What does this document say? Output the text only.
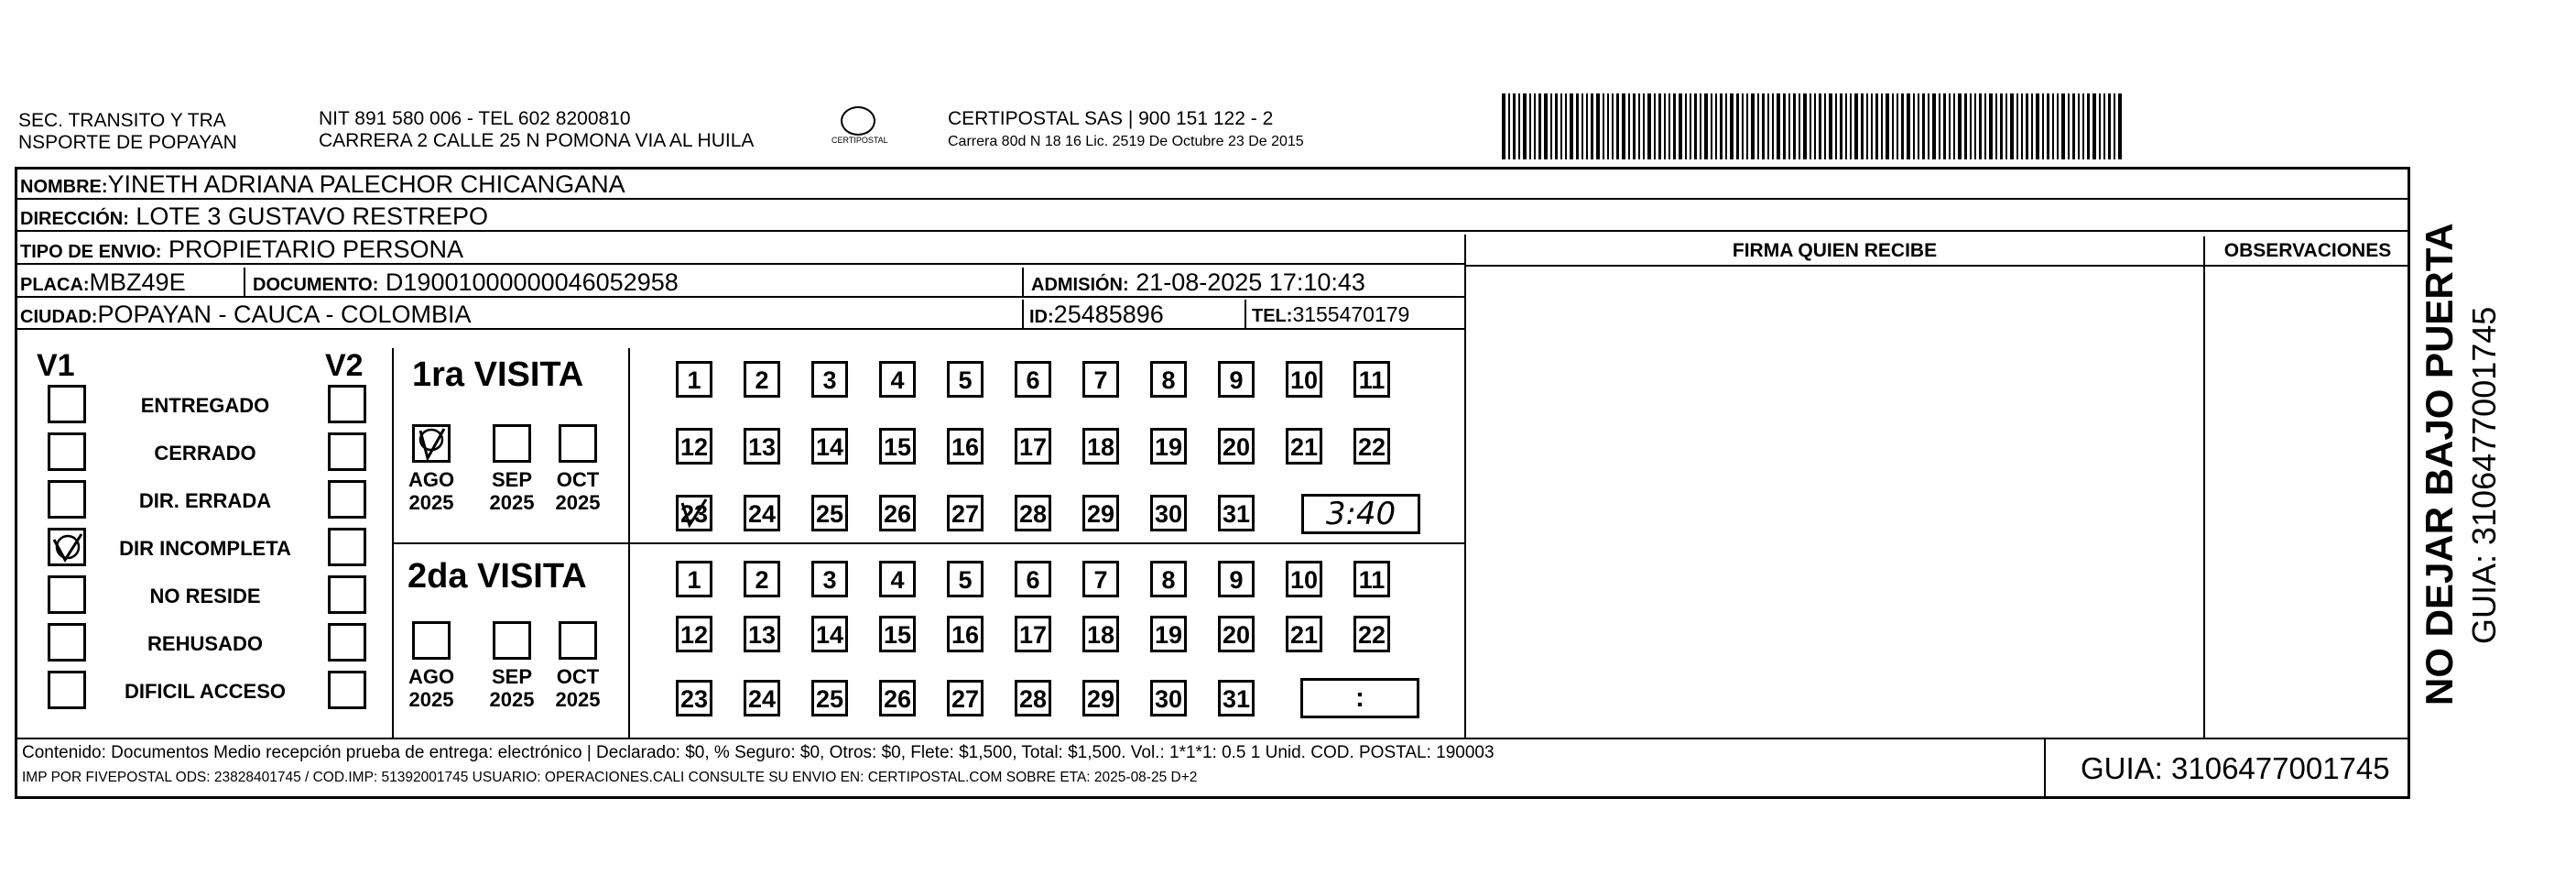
SEC. TRANSITO Y TRA
NSPORTE DE POPAYAN
NIT 891 580 006 - TEL 602 8200810
CARRERA 2 CALLE 25 N POMONA VIA AL HUILA	CERTIPOSTAL
CERTIPOSTAL SAS | 900 151 122 - 2
Carrera 80d N 18 16 Lic. 2519 De Octubre 23 De 2015
NOMBRE:YINETH ADRIANA PALECHOR CHICANGANA
DIRECCIÓN: LOTE 3 GUSTAVO RESTREPO
TIPO DE ENVIO: PROPIETARIO PERSONA	FIRMA QUIEN RECIBE	OBSERVACIONES
PLACA:MBZ49E	DOCUMENTO: D19001000000046052958	ADMISIÓN: 21-08-2025 17:10:43
CIUDAD:POPAYAN - CAUCA - COLOMBIA	ID:25485896	TEL:3155470179
V1	V2
ENTREGADO
CERRADO
DIR. ERRADA
DIR INCOMPLETA
NO RESIDE
REHUSADO
DIFICIL ACCESO
1ra VISITA
2da VISITA
AGO
2025
SEP
2025
OCT
2025
AGO
2025
SEP
2025
OCT
2025
1	2	3	4	5	6	7	8	9	10 11
12 13 14 15 16 17 18 19 20 21 22
23 24 25 26 27 28 29 30 31
1	2	3	4	5	6	7	8	9	10 11
12 13 14 15 16 17 18 19 20 21 22
23 24 25 26 27 28 29 30 31
3:40
:
Contenido: Documentos Medio recepción prueba de entrega: electrónico | Declarado: $0, % Seguro: $0, Otros: $0, Flete: $1,500, Total: $1,500. Vol.: 1*1*1: 0.5 1 Unid. COD. POSTAL: 190003
IMP POR FIVEPOSTAL ODS: 23828401745 / COD.IMP: 51392001745 USUARIO: OPERACIONES.CALI CONSULTE SU ENVIO EN: CERTIPOSTAL.COM SOBRE ETA: 2025-08-25 D+2	GUIA: 3106477001745
NO DEJAR BAJO PUERTA GUIA: 3106477001745
